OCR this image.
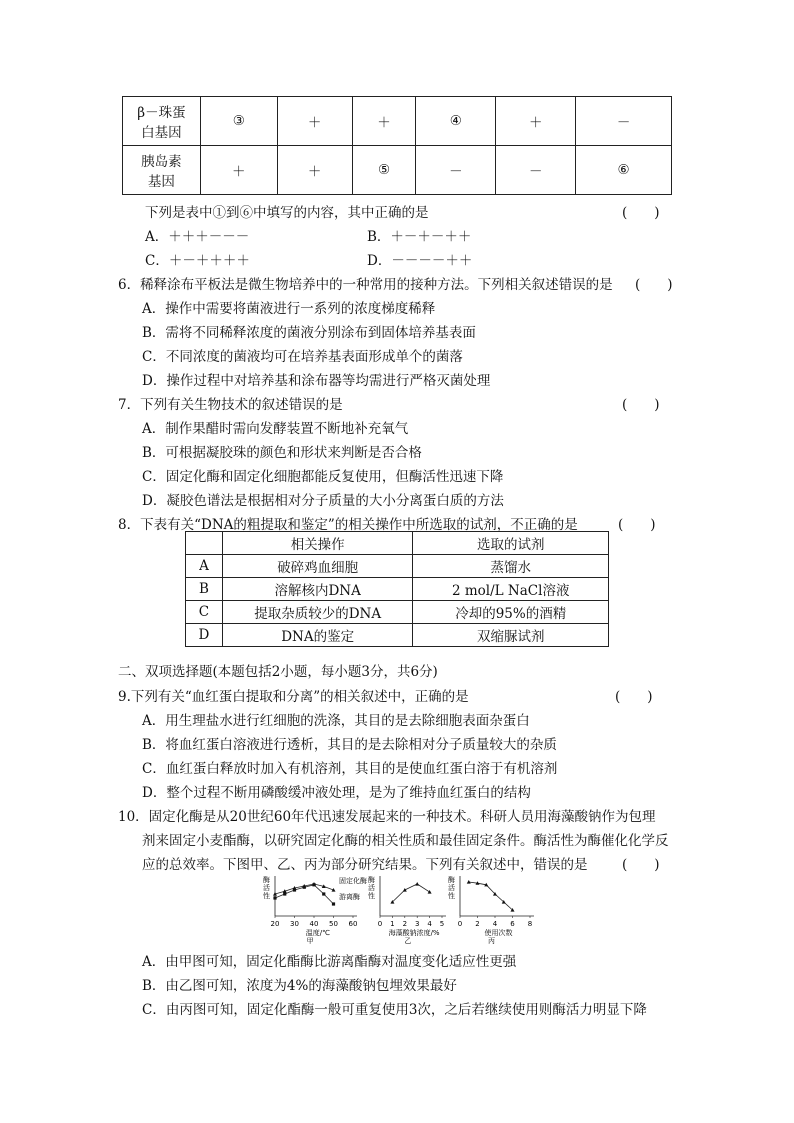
β－珠蛋
白基因	③	＋	＋	④	＋	－
胰岛素
基因	＋	＋	⑤	－	－	⑥
下列是表中①到⑥中填写的内容，其中正确的是	(　　)
A．＋＋＋－－－	B．＋－＋－＋＋
C．＋－＋＋＋＋	D．－－－－＋＋
6．稀释涂布平板法是微生物培养中的一种常用的接种方法。下列相关叙述错误的是 (　　)
A．操作中需要将菌液进行一系列的浓度梯度稀释
B．需将不同稀释浓度的菌液分别涂布到固体培养基表面
C．不同浓度的菌液均可在培养基表面形成单个的菌落
D．操作过程中对培养基和涂布器等均需进行严格灭菌处理
7．下列有关生物技术的叙述错误的是	(　　)
A．制作果醋时需向发酵装置不断地补充氧气
B．可根据凝胶珠的颜色和形状来判断是否合格
C．固定化酶和固定化细胞都能反复使用，但酶活性迅速下降
D．凝胶色谱法是根据相对分子质量的大小分离蛋白质的方法
8．下表有关“DNA的粗提取和鉴定”的相关操作中所选取的试剂，不正确的是	(　　)
	相关操作	选取的试剂
A	破碎鸡血细胞	蒸馏水
B	溶解核内DNA	2 mol/L NaCl溶液
C	提取杂质较少的DNA	冷却的95%的酒精
D	DNA的鉴定	双缩脲试剂
二、双项选择题(本题包括2小题，每小题3分，共6分)
9.下列有关“血红蛋白提取和分离”的相关叙述中，正确的是	(　　)
A．用生理盐水进行红细胞的洗涤，其目的是去除细胞表面杂蛋白
B．将血红蛋白溶液进行透析，其目的是去除相对分子质量较大的杂质
C．血红蛋白释放时加入有机溶剂，其目的是使血红蛋白溶于有机溶剂
D．整个过程不断用磷酸缓冲液处理，是为了维持血红蛋白的结构
10．固定化酶是从20世纪60年代迅速发展起来的一种技术。科研人员用海藻酸钠作为包理
剂来固定小麦酯酶，以研究固定化酶的相关性质和最佳固定条件。酶活性为酶催化化学反
应的总效率。下图甲、乙、丙为部分研究结果。下列有关叙述中，错误的是	(　　)
酶
活
性
20 30 40 50 60
温度/℃
甲
固定化酶
游离酶
酶
活
性
0 1 2 3 4 5
海藻酸钠浓度/%
乙
酶
活
性
0 2 4 6 8
使用次数
丙
A．由甲图可知，固定化酯酶比游离酯酶对温度变化适应性更强
B．由乙图可知，浓度为4%的海藻酸钠包埋效果最好
C．由丙图可知，固定化酯酶一般可重复使用3次，之后若继续使用则酶活力明显下降
